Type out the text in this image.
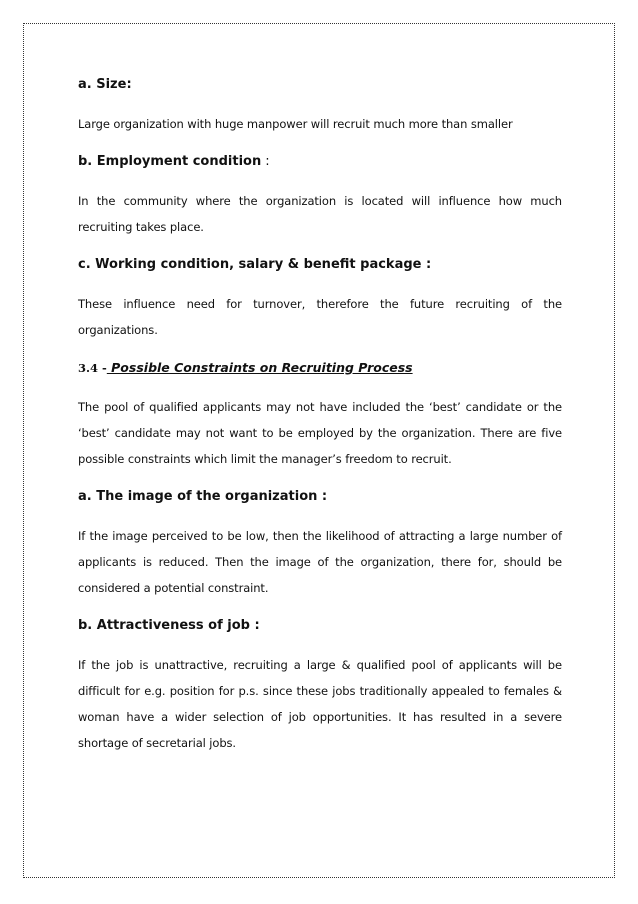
a. Size:

Large organization with huge manpower will recruit much more than smaller

b. Employment condition :

In the community where the organization is located will influence how much recruiting takes place.

c. Working condition, salary & benefit package :

These influence need for turnover, therefore the future recruiting of the organizations.

3.4 - Possible Constraints on Recruiting Process

The pool of qualified applicants may not have included the ‘best’ candidate or the ‘best’ candidate may not want to be employed by the organization. There are five possible constraints which limit the manager’s freedom to recruit.

a. The image of the organization :

If the image perceived to be low, then the likelihood of attracting a large number of applicants is reduced. Then the image of the organization, there for, should be considered a potential constraint.

b. Attractiveness of job :

If the job is unattractive, recruiting a large & qualified pool of applicants will be difficult for e.g. position for p.s. since these jobs traditionally appealed to females & woman have a wider selection of job opportunities. It has resulted in a severe shortage of secretarial jobs.
